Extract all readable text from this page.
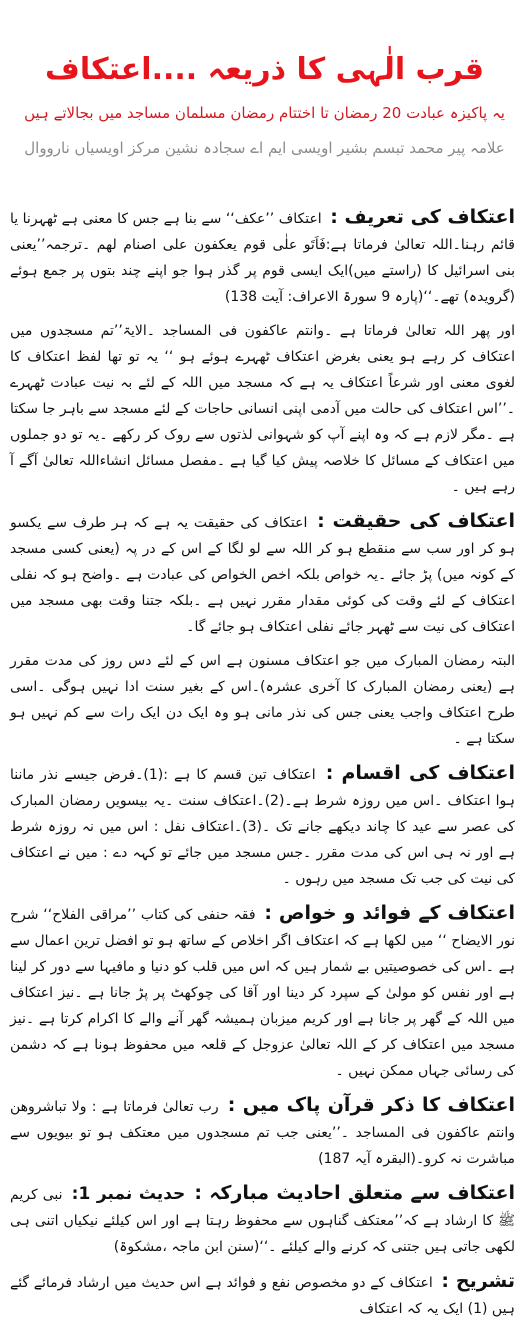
قرب الٰہی کا ذریعہ ....اعتکاف
یہ پاکیزہ عبادت 20 رمضان تا اختتام رمضان مسلمان مساجد میں بجالاتے ہیں
علامہ پیر محمد تبسم بشیر اویسی ایم اے سجادہ نشین مرکز اویسیاں نارووال

اعتکاف کی تعریف : اعتکاف ’’عکف‘‘ سے بنا ہے جس کا معنی ہے ٹھہرنا یا قائم رہنا۔اللہ تعالیٰ فرماتا ہے:فَاَتَو علٰی قوم یعکفون علی اصنام لھم ۔ترجمہ’’یعنی بنی اسرائیل کا (راستے میں)ایک ایسی قوم پر گذر ہوا جو اپنے چند بتوں پر جمع ہوئے (گرویدہ) تھے۔‘‘(پارہ 9 سورۃ الاعراف: آیت 138)

اور پھر اللہ تعالیٰ فرماتا ہے ۔وانتم عاکفون فی المساجد ۔الایۃ’’تم مسجدوں میں اعتکاف کر رہے ہو یعنی بغرض اعتکاف ٹھہرے ہوئے ہو ‘‘ یہ تو تھا لفظ اعتکاف کا لغوی معنی اور شرعاً اعتکاف یہ ہے کہ مسجد میں اللہ کے لئے بہ نیت عبادت ٹھہرے ۔’’اس اعتکاف کی حالت میں آدمی اپنی انسانی حاجات کے لئے مسجد سے باہر جا سکتا ہے ۔مگر لازم ہے کہ وہ اپنے آپ کو شہوانی لذتوں سے روک کر رکھے ۔یہ تو دو جملوں میں اعتکاف کے مسائل کا خلاصہ پیش کیا گیا ہے ۔مفصل مسائل انشاءاللہ تعالیٰ آگے آ رہے ہیں ۔

اعتکاف کی حقیقت : اعتکاف کی حقیقت یہ ہے کہ ہر طرف سے یکسو ہو کر اور سب سے منقطع ہو کر اللہ سے لو لگا کے اس کے در پہ (یعنی کسی مسجد کے کونہ میں) پڑ جائے ۔یہ خواص بلکہ اخص الخواص کی عبادت ہے ۔واضح ہو کہ نفلی اعتکاف کے لئے وقت کی کوئی مقدار مقرر نہیں ہے ۔بلکہ جتنا وقت بھی مسجد میں اعتکاف کی نیت سے ٹھہر جائے نفلی اعتکاف ہو جائے گا۔

البتہ رمضان المبارک میں جو اعتکاف مسنون ہے اس کے لئے دس روز کی مدت مقرر ہے (یعنی رمضان المبارک کا آخری عشرہ)۔اس کے بغیر سنت ادا نہیں ہوگی ۔اسی طرح اعتکاف واجب یعنی جس کی نذر مانی ہو وہ ایک دن ایک رات سے کم نہیں ہو سکتا ہے ۔

اعتکاف کی اقسام : اعتکاف تین قسم کا ہے :(1)۔فرض جیسے نذر ماننا ہوا اعتکاف ۔اس میں روزہ شرط ہے۔(2)۔اعتکاف سنت ۔یہ بیسویں رمضان المبارک کی عصر سے عید کا چاند دیکھے جانے تک ۔(3)۔اعتکاف نفل : اس میں نہ روزہ شرط ہے اور نہ ہی اس کی مدت مقرر ۔جس مسجد میں جائے تو کہہ دے : میں نے اعتکاف کی نیت کی جب تک مسجد میں رہوں ۔

اعتکاف کے فوائد و خواص : فقہ حنفی کی کتاب ’’مراقی الفلاح‘‘ شرح نور الایضاح ‘‘ میں لکھا ہے کہ اعتکاف اگر اخلاص کے ساتھ ہو تو افضل ترین اعمال سے ہے ۔اس کی خصوصیتیں بے شمار ہیں کہ اس میں قلب کو دنیا و مافیہا سے دور کر لینا ہے اور نفس کو مولیٰ کے سپرد کر دینا اور آقا کی چوکھٹ پر پڑ جانا ہے ۔نیز اعتکاف میں اللہ کے گھر پر جانا ہے اور کریم میزبان ہمیشہ گھر آنے والے کا اکرام کرتا ہے ۔نیز مسجد میں اعتکاف کر کے اللہ تعالیٰ عزوجل کے قلعہ میں محفوظ ہونا ہے کہ دشمن کی رسائی جہاں ممکن نہیں ۔

اعتکاف کا ذکر قرآن پاک میں : رب تعالیٰ فرماتا ہے : ولا تباشروھن وانتم عاکفون فی المساجد ۔’’یعنی جب تم مسجدوں میں معتکف ہو تو بیویوں سے مباشرت نہ کرو۔(البقرہ آیہ 187)

اعتکاف سے متعلق احادیث مبارکہ : حدیث نمبر 1: نبی کریم ﷺ کا ارشاد ہے کہ’’معتکف گناہوں سے محفوظ رہتا ہے اور اس کیلئے نیکیاں اتنی ہی لکھی جاتی ہیں جتنی کہ کرنے والے کیلئے ۔‘‘(سنن ابن ماجہ ،مشکوۃ)

تشریح : اعتکاف کے دو مخصوص نفع و فوائد ہے اس حدیث میں ارشاد فرمائے گئے ہیں (1) ایک یہ کہ اعتکاف
